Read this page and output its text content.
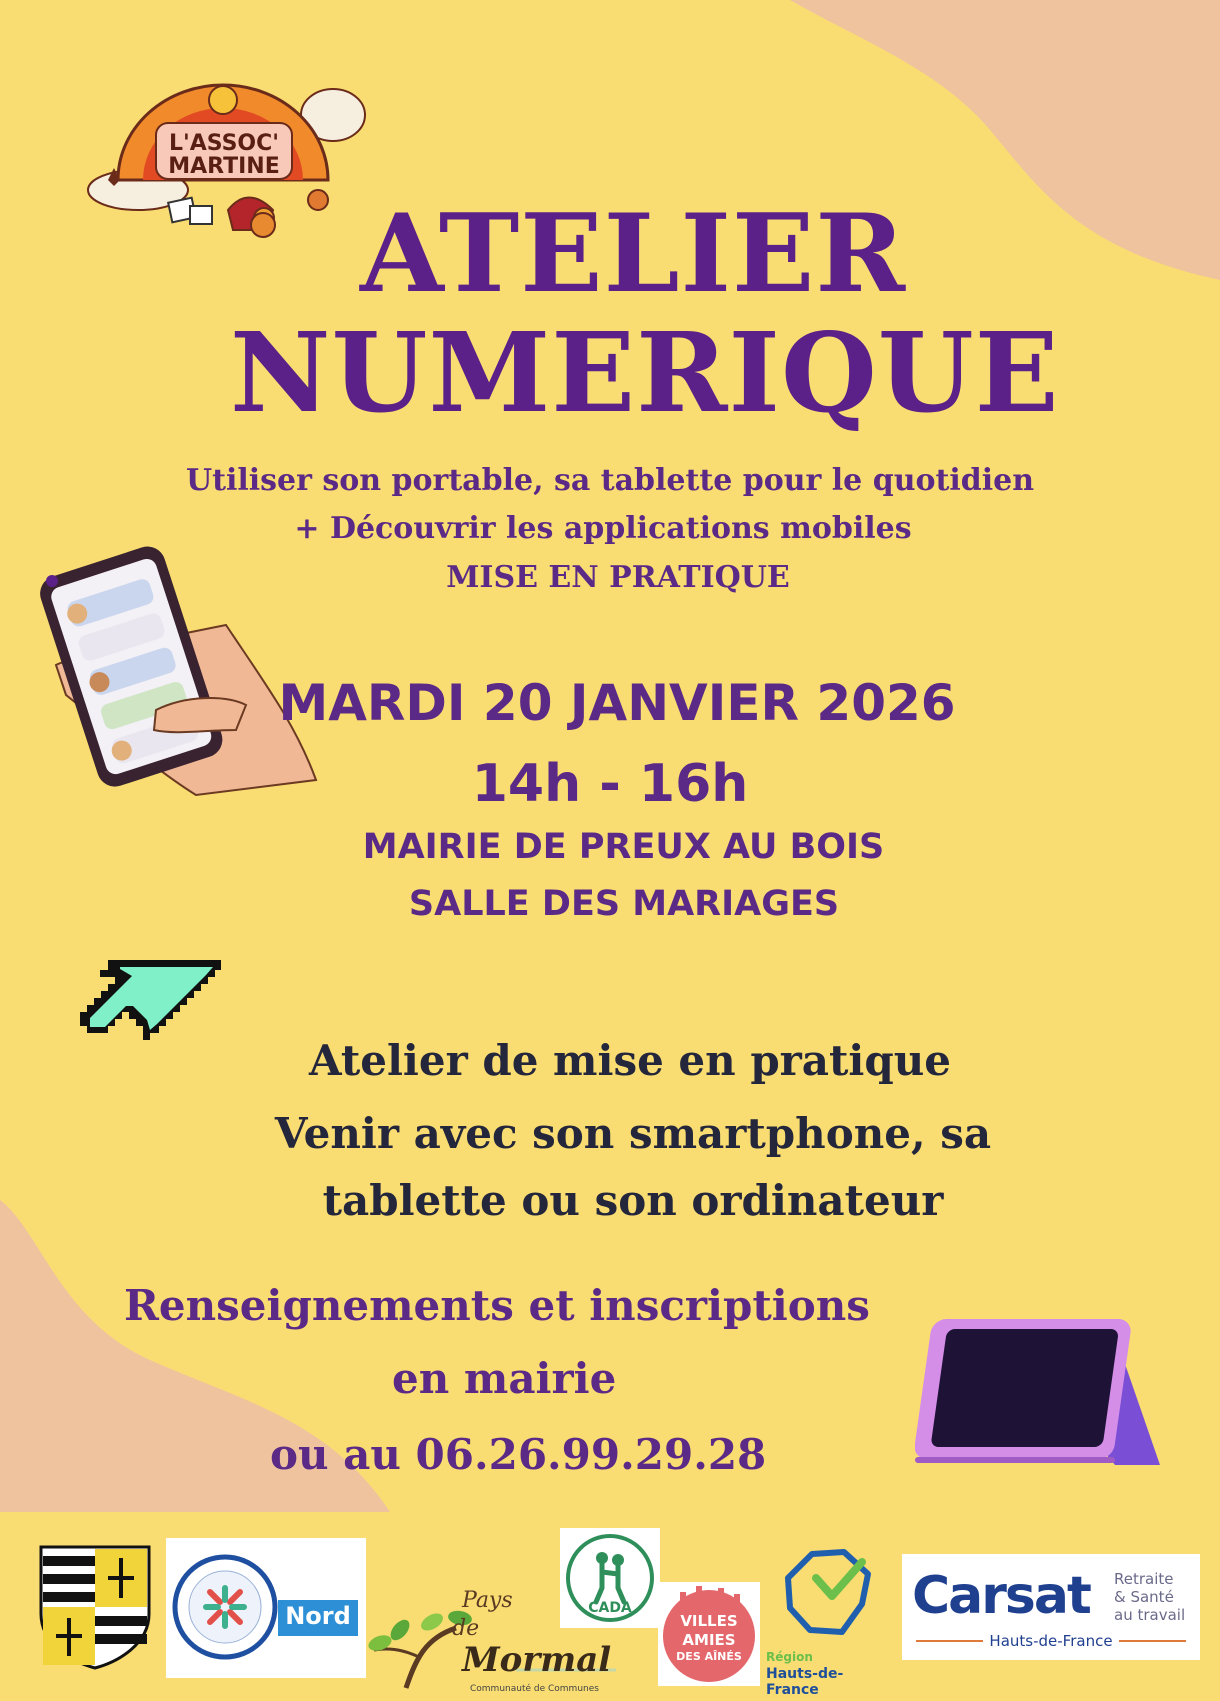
L'ASSOC'
MARTINE
ATELIER
NUMERIQUE
Utiliser son portable, sa tablette pour le quotidien
+ Découvrir les applications mobiles
MISE EN PRATIQUE
MARDI 20 JANVIER 2026
14h - 16h
MAIRIE DE PREUX AU BOIS
SALLE DES MARIAGES
Atelier de mise en pratique
Venir avec son smartphone, sa
tablette ou son ordinateur
Renseignements et inscriptions
en mairie
ou au 06.26.99.29.28
Nord
Pays
de
Mormal
Communauté de Communes
CADA
VILLES
AMIES
DES AÎNÉS	Région
Hauts-de-France
Carsat Retraite
& Santé
au travail
Hauts-de-France
